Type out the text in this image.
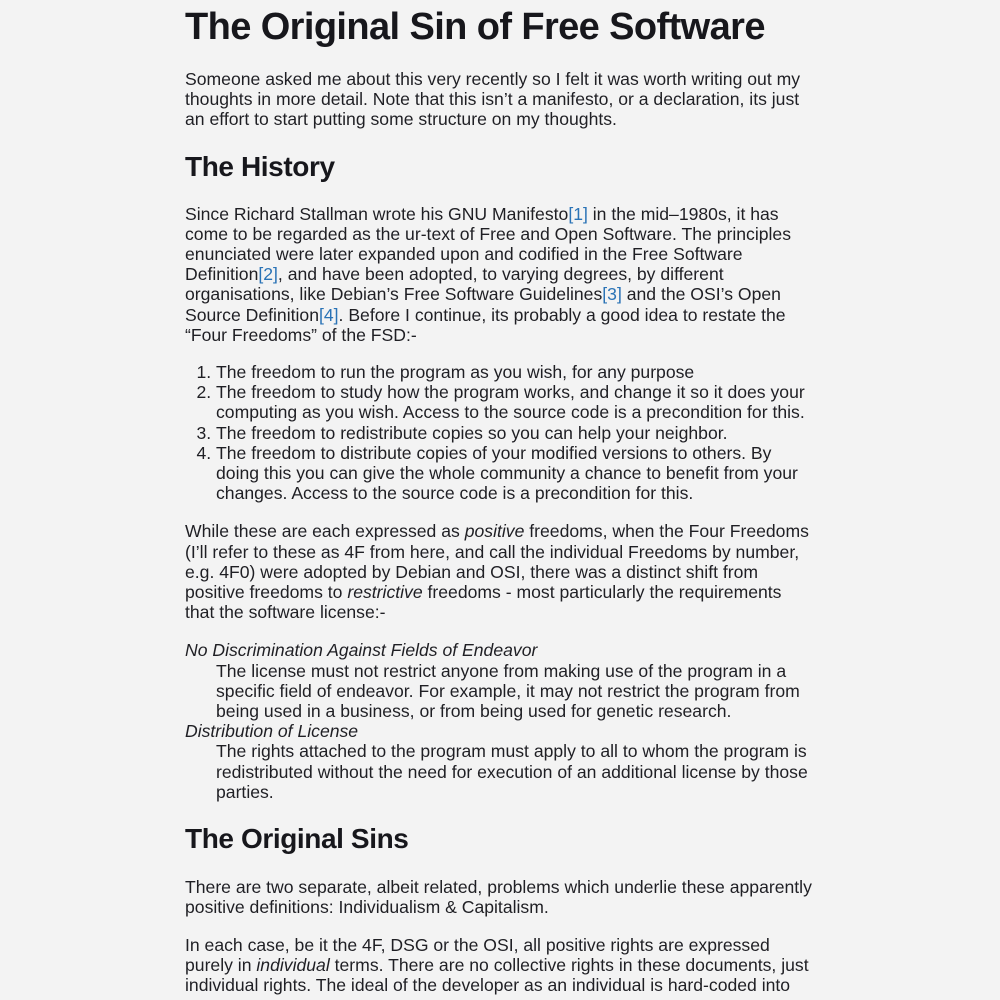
The Original Sin of Free Software

Someone asked me about this very recently so I felt it was worth writing out my thoughts in more detail. Note that this isn’t a manifesto, or a declaration, its just an effort to start putting some structure on my thoughts.

The History

Since Richard Stallman wrote his GNU Manifesto[1] in the mid–1980s, it has come to be regarded as the ur-text of Free and Open Software. The principles enunciated were later expanded upon and codified in the Free Software Definition[2], and have been adopted, to varying degrees, by different organisations, like Debian’s Free Software Guidelines[3] and the OSI’s Open Source Definition[4]. Before I continue, its probably a good idea to restate the “Four Freedoms” of the FSD:-

1. The freedom to run the program as you wish, for any purpose
2. The freedom to study how the program works, and change it so it does your computing as you wish. Access to the source code is a precondition for this.
3. The freedom to redistribute copies so you can help your neighbor.
4. The freedom to distribute copies of your modified versions to others. By doing this you can give the whole community a chance to benefit from your changes. Access to the source code is a precondition for this.

While these are each expressed as positive freedoms, when the Four Freedoms (I’ll refer to these as 4F from here, and call the individual Freedoms by number, e.g. 4F0) were adopted by Debian and OSI, there was a distinct shift from positive freedoms to restrictive freedoms - most particularly the requirements that the software license:-

No Discrimination Against Fields of Endeavor
The license must not restrict anyone from making use of the program in a specific field of endeavor. For example, it may not restrict the program from being used in a business, or from being used for genetic research.
Distribution of License
The rights attached to the program must apply to all to whom the program is redistributed without the need for execution of an additional license by those parties.
The Original Sins

There are two separate, albeit related, problems which underlie these apparently positive definitions: Individualism & Capitalism.

In each case, be it the 4F, DSG or the OSI, all positive rights are expressed purely in individual terms. There are no collective rights in these documents, just individual rights. The ideal of the developer as an individual is hard-coded into
